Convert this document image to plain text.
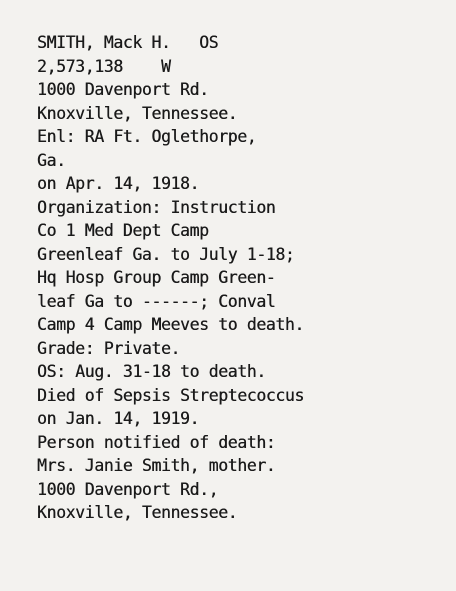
SMITH, Mack H.   OS
2,573,138    W
1000 Davenport Rd.
Knoxville, Tennessee.
Enl: RA Ft. Oglethorpe,
Ga.
on Apr. 14, 1918.
Organization: Instruction
Co 1 Med Dept Camp
Greenleaf Ga. to July 1-18;
Hq Hosp Group Camp Green-
leaf Ga to ------; Conval
Camp 4 Camp Meeves to death.
Grade: Private.
OS: Aug. 31-18 to death.
Died of Sepsis Streptecoccus
on Jan. 14, 1919.
Person notified of death:
Mrs. Janie Smith, mother.
1000 Davenport Rd.,
Knoxville, Tennessee.
